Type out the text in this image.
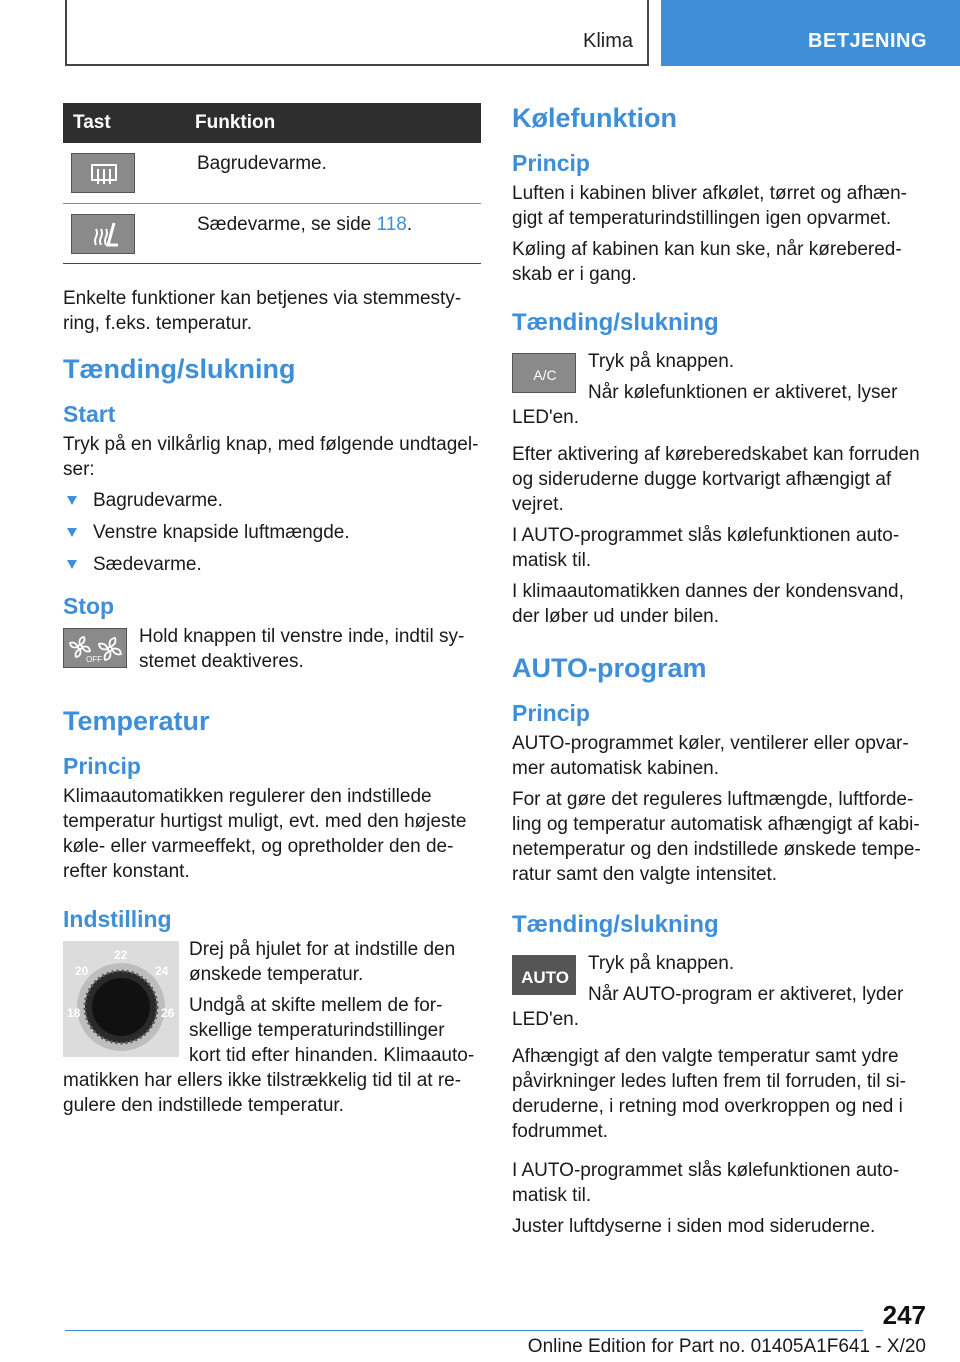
Klima	BETJENING
Tast	Funktion

	Bagrudevarme.

	Sædevarme, se side 118.

Enkelte funktioner kan betjenes via stemmestyring, f.eks. temperatur.

Tænding/slukning
Start

Tryk på en vilkårlig knap, med følgende undtagelser:

Bagrudevarme.
Venstre knapside luftmængde.
Sædevarme.
Stop
OFF

Hold knappen til venstre inde, indtil systemet deaktiveres.

Temperatur
Princip

Klimaautomatikken regulerer den indstillede temperatur hurtigst muligt, evt. med den højeste køle- eller varmeeffekt, og opretholder den derefter konstant.

Indstilling
20
22
24
18	26

Drej på hjulet for at indstille den ønskede temperatur.

Undgå at skifte mellem de forskellige temperaturindstillinger kort tid efter hinanden. Klimaautomatikken har ellers ikke tilstrækkelig tid til at regulere den indstillede temperatur.

Kølefunktion
Princip

Luften i kabinen bliver afkølet, tørret og afhængigt af temperaturindstillingen igen opvarmet.

Køling af kabinen kan kun ske, når køreberedskab er i gang.

Tænding/slukning
A/C

Tryk på knappen.

Når kølefunktionen er aktiveret, lyser LED'en.

Efter aktivering af køreberedskabet kan forruden og sideruderne dugge kortvarigt afhængigt af vejret.

I AUTO-programmet slås kølefunktionen automatisk til.

I klimaautomatikken dannes der kondensvand, der løber ud under bilen.

AUTO-program
Princip

AUTO-programmet køler, ventilerer eller opvarmer automatisk kabinen.

For at gøre det reguleres luftmængde, luftfordeling og temperatur automatisk afhængigt af kabinetemperatur og den indstillede ønskede temperatur samt den valgte intensitet.

Tænding/slukning
AUTO

Tryk på knappen.

Når AUTO-program er aktiveret, lyder LED'en.

Afhængigt af den valgte temperatur samt ydre påvirkninger ledes luften frem til forruden, til sideruderne, i retning mod overkroppen og ned i fodrummet.

I AUTO-programmet slås kølefunktionen automatisk til.

Juster luftdyserne i siden mod sideruderne.

247
Online Edition for Part no. 01405A1F641 - X/20
